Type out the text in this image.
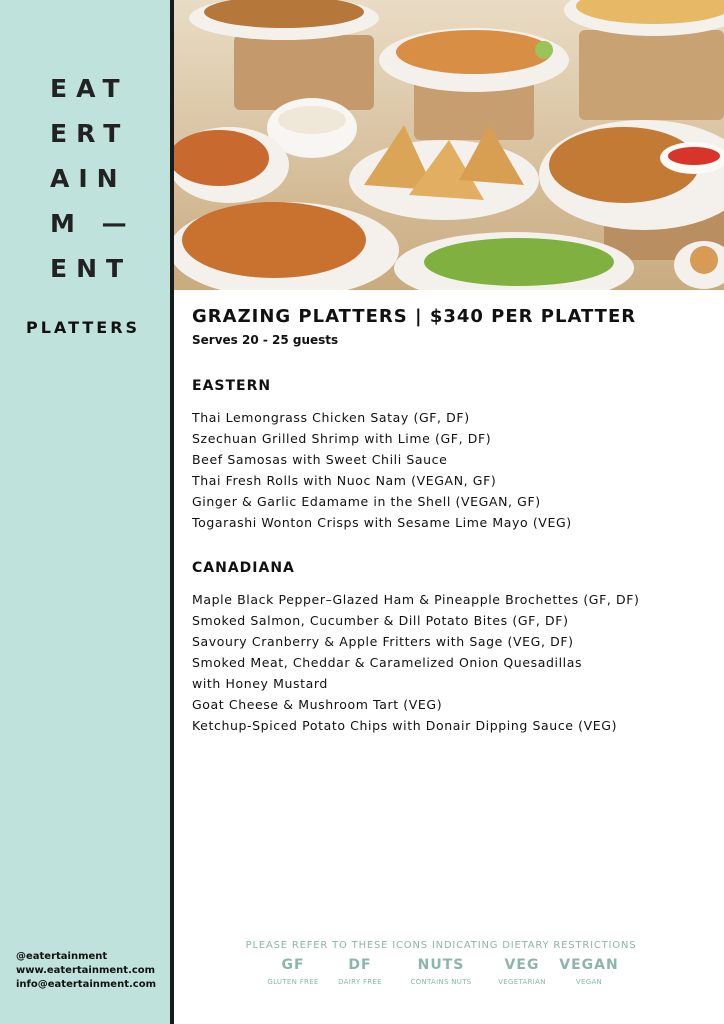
EAT
ERT
AIN
M —
ENT
PLATTERS
@eatertainment
www.eatertainment.com
info@eatertainment.com
GRAZING PLATTERS | $340 PER PLATTER
Serves 20 - 25 guests
EASTERN
Thai Lemongrass Chicken Satay (GF, DF)
Szechuan Grilled Shrimp with Lime (GF, DF)
Beef Samosas with Sweet Chili Sauce
Thai Fresh Rolls with Nuoc Nam (VEGAN, GF)
Ginger & Garlic Edamame in the Shell (VEGAN, GF)
Togarashi Wonton Crisps with Sesame Lime Mayo (VEG)
CANADIANA
Maple Black Pepper–Glazed Ham & Pineapple Brochettes (GF, DF)
Smoked Salmon, Cucumber & Dill Potato Bites (GF, DF)
Savoury Cranberry & Apple Fritters with Sage (VEG, DF)
Smoked Meat, Cheddar & Caramelized Onion Quesadillas
with Honey Mustard
Goat Cheese & Mushroom Tart (VEG)
Ketchup-Spiced Potato Chips with Donair Dipping Sauce (VEG)
PLEASE REFER TO THESE ICONS INDICATING DIETARY RESTRICTIONS
GF
GLUTEN FREE
DF
DAIRY FREE
NUTS
CONTAINS NUTS
VEG
VEGETARIAN
VEGAN
VEGAN
